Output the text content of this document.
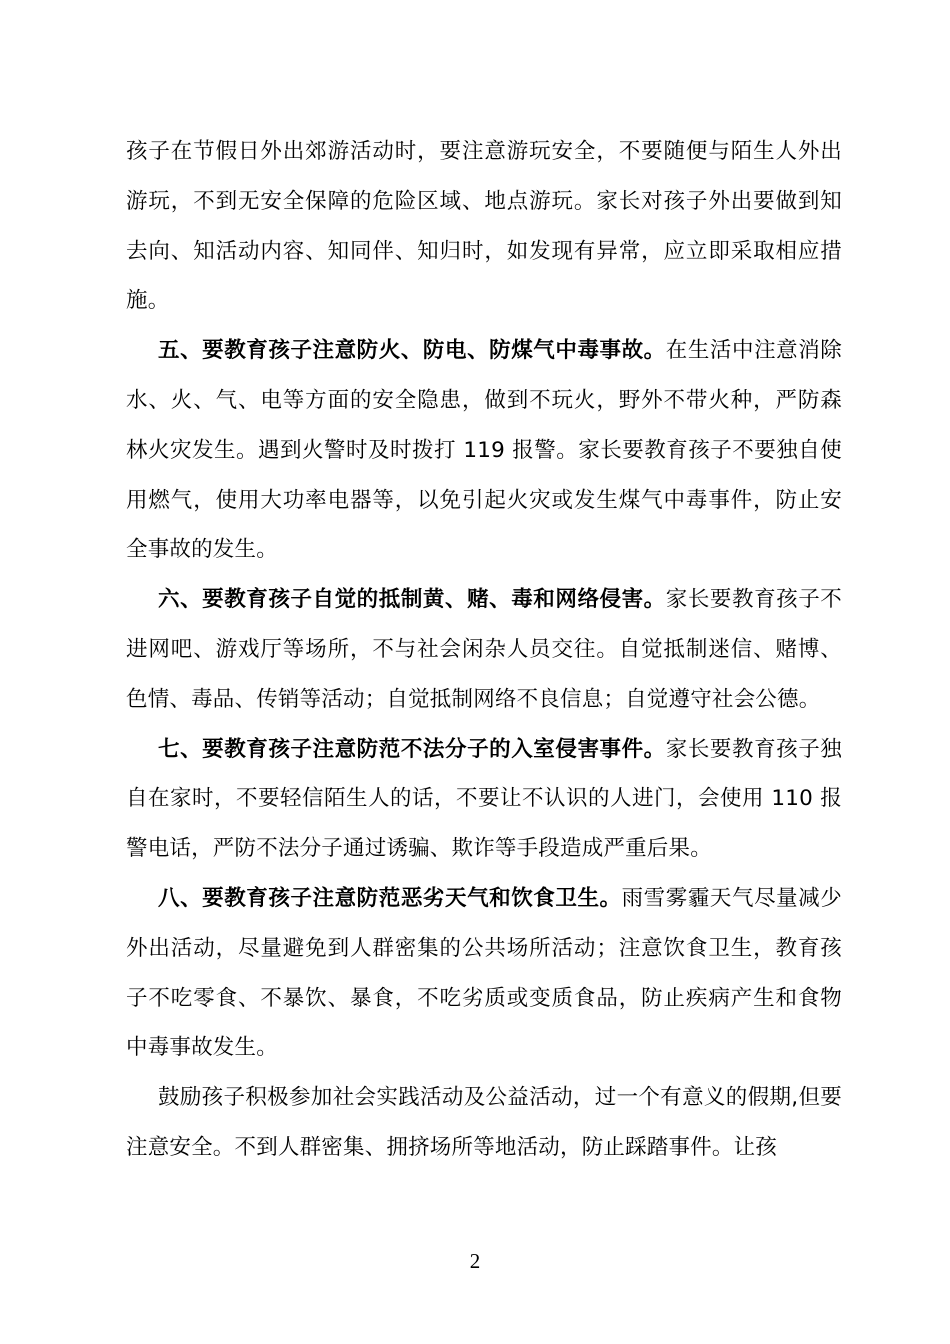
孩子在节假日外出郊游活动时，要注意游玩安全，不要随便与陌生人外出游玩，不到无安全保障的危险区域、地点游玩。家长对孩子外出要做到知去向、知活动内容、知同伴、知归时，如发现有异常，应立即采取相应措施。

五、要教育孩子注意防火、防电、防煤气中毒事故。在生活中注意消除水、火、气、电等方面的安全隐患，做到不玩火，野外不带火种，严防森林火灾发生。遇到火警时及时拨打 119 报警。家长要教育孩子不要独自使用燃气，使用大功率电器等，以免引起火灾或发生煤气中毒事件，防止安全事故的发生。

六、要教育孩子自觉的抵制黄、赌、毒和网络侵害。家长要教育孩子不进网吧、游戏厅等场所，不与社会闲杂人员交往。自觉抵制迷信、赌博、色情、毒品、传销等活动；自觉抵制网络不良信息；自觉遵守社会公德。

七、要教育孩子注意防范不法分子的入室侵害事件。家长要教育孩子独自在家时，不要轻信陌生人的话，不要让不认识的人进门，会使用 110 报警电话，严防不法分子通过诱骗、欺诈等手段造成严重后果。

八、要教育孩子注意防范恶劣天气和饮食卫生。雨雪雾霾天气尽量减少外出活动，尽量避免到人群密集的公共场所活动；注意饮食卫生，教育孩子不吃零食、不暴饮、暴食，不吃劣质或变质食品，防止疾病产生和食物中毒事故发生。

鼓励孩子积极参加社会实践活动及公益活动，过一个有意义的假期,但要注意安全。不到人群密集、拥挤场所等地活动，防止踩踏事件。让孩

2
